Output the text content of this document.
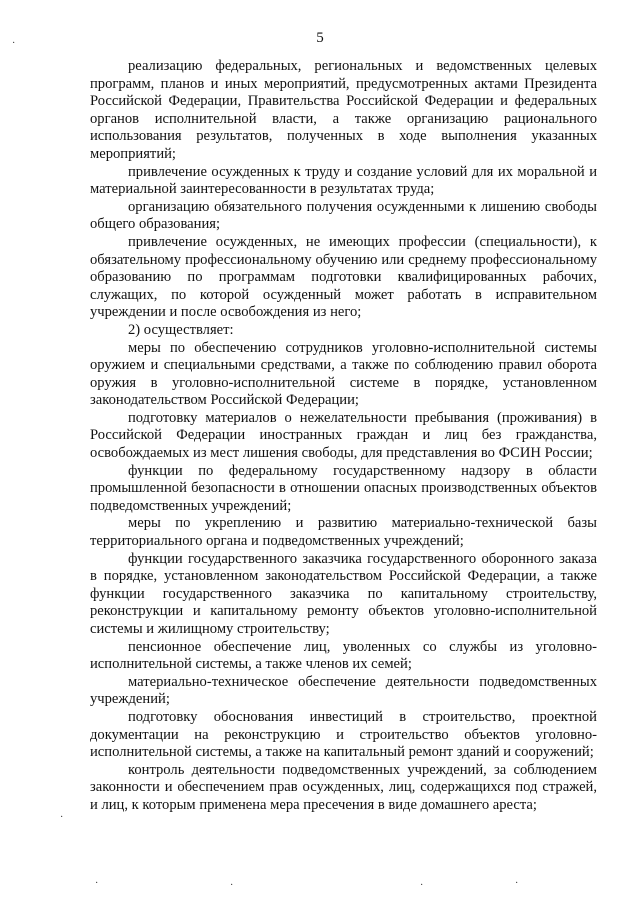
5

реализацию федеральных, региональных и ведомственных целевых программ, планов и иных мероприятий, предусмотренных актами Президента Российской Федерации, Правительства Российской Федерации и федеральных органов исполнительной власти, а также организацию рационального использования результатов, полученных в ходе выполнения указанных мероприятий;

привлечение осужденных к труду и создание условий для их моральной и материальной заинтересованности в результатах труда;

организацию обязательного получения осужденными к лишению свободы общего образования;

привлечение осужденных, не имеющих профессии (специальности), к обязательному профессиональному обучению или среднему профессиональному образованию по программам подготовки квалифицированных рабочих, служащих, по которой осужденный может работать в исправительном учреждении и после освобождения из него;

2) осуществляет:

меры по обеспечению сотрудников уголовно-исполнительной системы оружием и специальными средствами, а также по соблюдению правил оборота оружия в уголовно-исполнительной системе в порядке, установленном законодательством Российской Федерации;

подготовку материалов о нежелательности пребывания (проживания) в Российской Федерации иностранных граждан и лиц без гражданства, освобождаемых из мест лишения свободы, для представления во ФСИН России;

функции по федеральному государственному надзору в области промышленной безопасности в отношении опасных производственных объектов подведомственных учреждений;

меры по укреплению и развитию материально-технической базы территориального органа и подведомственных учреждений;

функции государственного заказчика государственного оборонного заказа в порядке, установленном законодательством Российской Федерации, а также функции государственного заказчика по капитальному строительству, реконструкции и капитальному ремонту объектов уголовно-исполнительной системы и жилищному строительству;

пенсионное обеспечение лиц, уволенных со службы из уголовно-исполнительной системы, а также членов их семей;

материально-техническое обеспечение деятельности подведомственных учреждений;

подготовку обоснования инвестиций в строительство, проектной документации на реконструкцию и строительство объектов уголовно-исполнительной системы, а также на капитальный ремонт зданий и сооружений;

контроль деятельности подведомственных учреждений, за соблюдением законности и обеспечением прав осужденных, лиц, содержащихся под стражей, и лиц, к которым применена мера пресечения в виде домашнего ареста;

·
·
·	·	·	·
